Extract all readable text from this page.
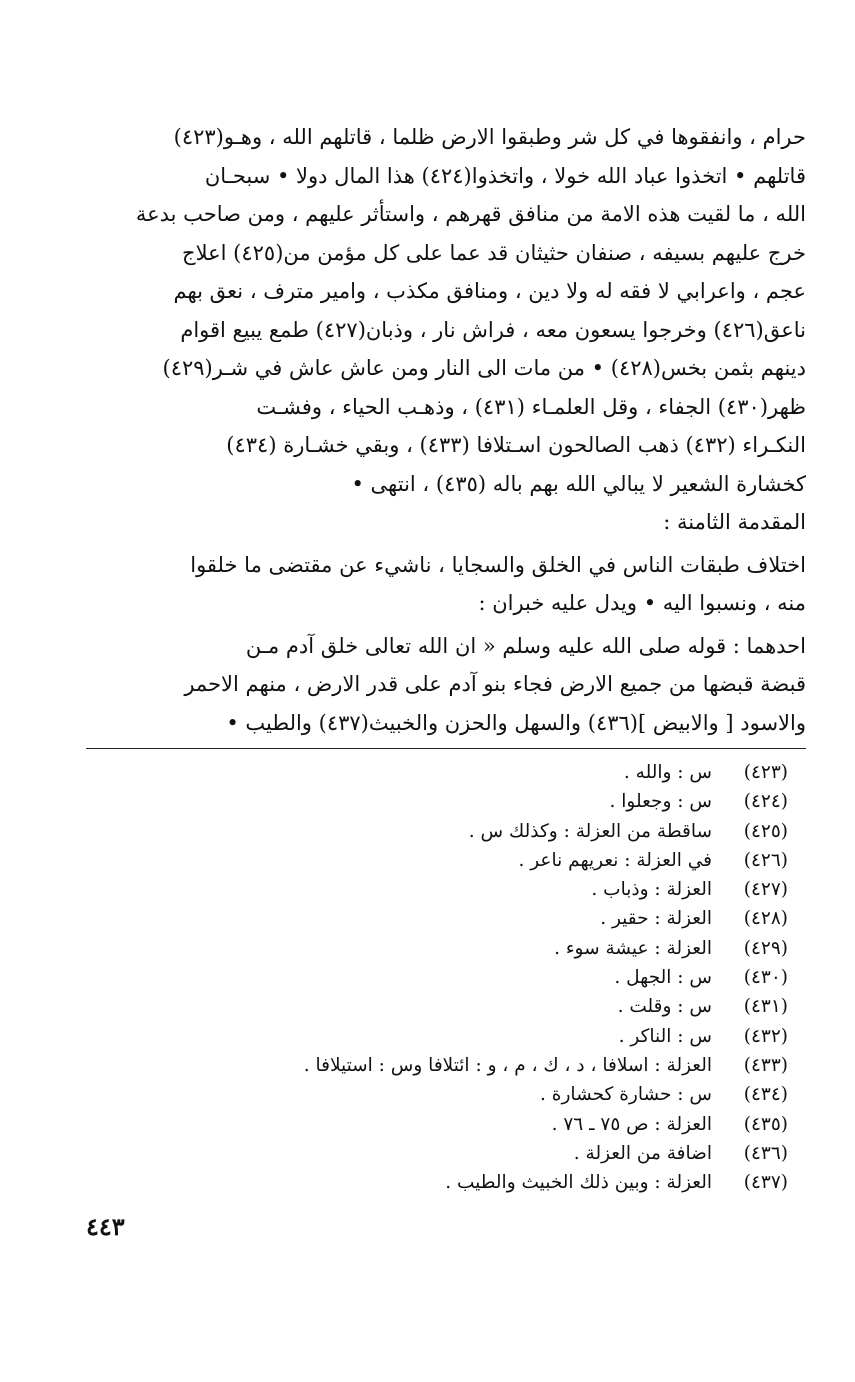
حرام ، وانفقوها في كل شر وطبقوا الارض ظلما ، قاتلهم الله ، وهـو(٤٢٣)
قاتلهم • اتخذوا عباد الله خولا ، واتخذوا(٤٢٤) هذا المال دولا • سبحـان
الله ، ما لقيت هذه الامة من منافق قهرهم ، واستأثر عليهم ، ومن صاحب بدعة
خرج عليهم بسيفه ، صنفان حثيثان قد عما على كل مؤمن من(٤٢٥) اعلاج
عجم ، واعرابي لا فقه له ولا دين ، ومنافق مكذب ، وامير مترف ، نعق بهم
ناعق(٤٢٦) وخرجوا يسعون معه ، فراش نار ، وذبان(٤٢٧) طمع يبيع اقوام
دينهم بثمن بخس(٤٢٨) • من مات الى النار ومن عاش عاش في شـر(٤٢٩)
ظهر(٤٣٠) الجفاء ، وقل العلمـاء (٤٣١) ، وذهـب الحياء ، وفشـت
النكـراء (٤٣٢) ذهب الصالحون اسـتلافا (٤٣٣) ، وبقي خشـارة (٤٣٤)
كخشارة الشعير لا يبالي الله بهم باله (٤٣٥) ، انتهى •
المقدمة الثامنة :
اختلاف طبقات الناس في الخلق والسجايا ، ناشيء عن مقتضى ما خلقوا
منه ، ونسبوا اليه • ويدل عليه خبران :
احدهما : قوله صلى الله عليه وسلم « ان الله تعالى خلق آدم مـن
قبضة قبضها من جميع الارض فجاء بنو آدم على قدر الارض ، منهم الاحمر
والاسود [ والابيض ](٤٣٦) والسهل والحزن والخبيث(٤٣٧) والطيب •
(٤٢٣)
س : والله .
(٤٢٤)
س : وجعلوا .
(٤٢٥)
ساقطة من العزلة : وكذلك س .
(٤٢٦)
في العزلة : نعريهم ناعر .
(٤٢٧)
العزلة : وذباب .
(٤٢٨)
العزلة : حقير .
(٤٢٩)
العزلة : عيشة سوء .
(٤٣٠)
س : الجهل .
(٤٣١)
س : وقلت .
(٤٣٢)
س : الناكر .
(٤٣٣)
العزلة : اسلافا ، د ، ك ، م ، و : ائتلافا وس : استيلافا .
(٤٣٤)
س : حشارة كحشارة .
(٤٣٥)
العزلة : ص ٧٥ ـ ٧٦ .
(٤٣٦)
اضافة من العزلة .
(٤٣٧)
العزلة : وبين ذلك الخبيث والطيب .
٤٤٣
